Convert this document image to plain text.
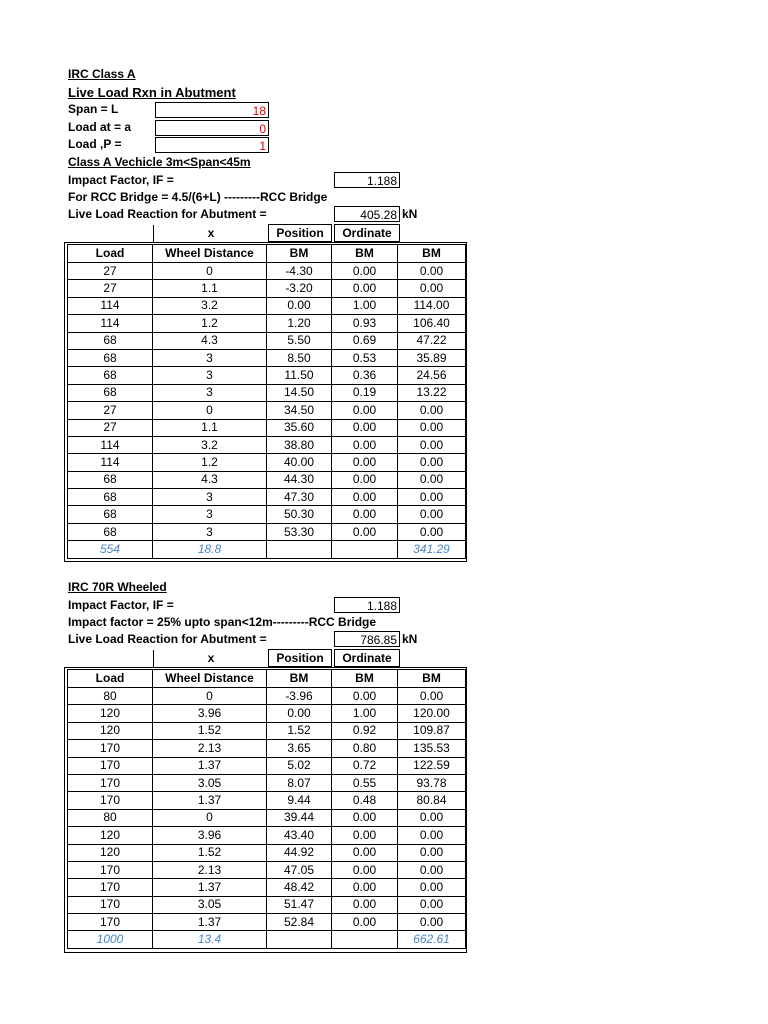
IRC Class A
Live Load Rxn in Abutment
Span = L	18
Load at = a	0
Load ,P =	1
Class A Vechicle 3m<Span<45m
Impact Factor, IF =	1.188
For RCC Bridge = 4.5/(6+L) ---------RCC Bridge
Live Load Reaction for Abutment =	405.28 kN
x	Position	Ordinate
Load	Wheel Distance	BM	BM	BM
27	0	-4.30	0.00	0.00
27	1.1	-3.20	0.00	0.00
114	3.2	0.00	1.00	114.00
114	1.2	1.20	0.93	106.40
68	4.3	5.50	0.69	47.22
68	3	8.50	0.53	35.89
68	3	11.50	0.36	24.56
68	3	14.50	0.19	13.22
27	0	34.50	0.00	0.00
27	1.1	35.60	0.00	0.00
114	3.2	38.80	0.00	0.00
114	1.2	40.00	0.00	0.00
68	4.3	44.30	0.00	0.00
68	3	47.30	0.00	0.00
68	3	50.30	0.00	0.00
68	3	53.30	0.00	0.00
554	18.8			341.29
IRC 70R Wheeled
Impact Factor, IF =	1.188
Impact factor = 25% upto span<12m---------RCC Bridge
Live Load Reaction for Abutment =	786.85 kN
x	Position	Ordinate
Load	Wheel Distance	BM	BM	BM
80	0	-3.96	0.00	0.00
120	3.96	0.00	1.00	120.00
120	1.52	1.52	0.92	109.87
170	2.13	3.65	0.80	135.53
170	1.37	5.02	0.72	122.59
170	3.05	8.07	0.55	93.78
170	1.37	9.44	0.48	80.84
80	0	39.44	0.00	0.00
120	3.96	43.40	0.00	0.00
120	1.52	44.92	0.00	0.00
170	2.13	47.05	0.00	0.00
170	1.37	48.42	0.00	0.00
170	3.05	51.47	0.00	0.00
170	1.37	52.84	0.00	0.00
1000	13.4			662.61
